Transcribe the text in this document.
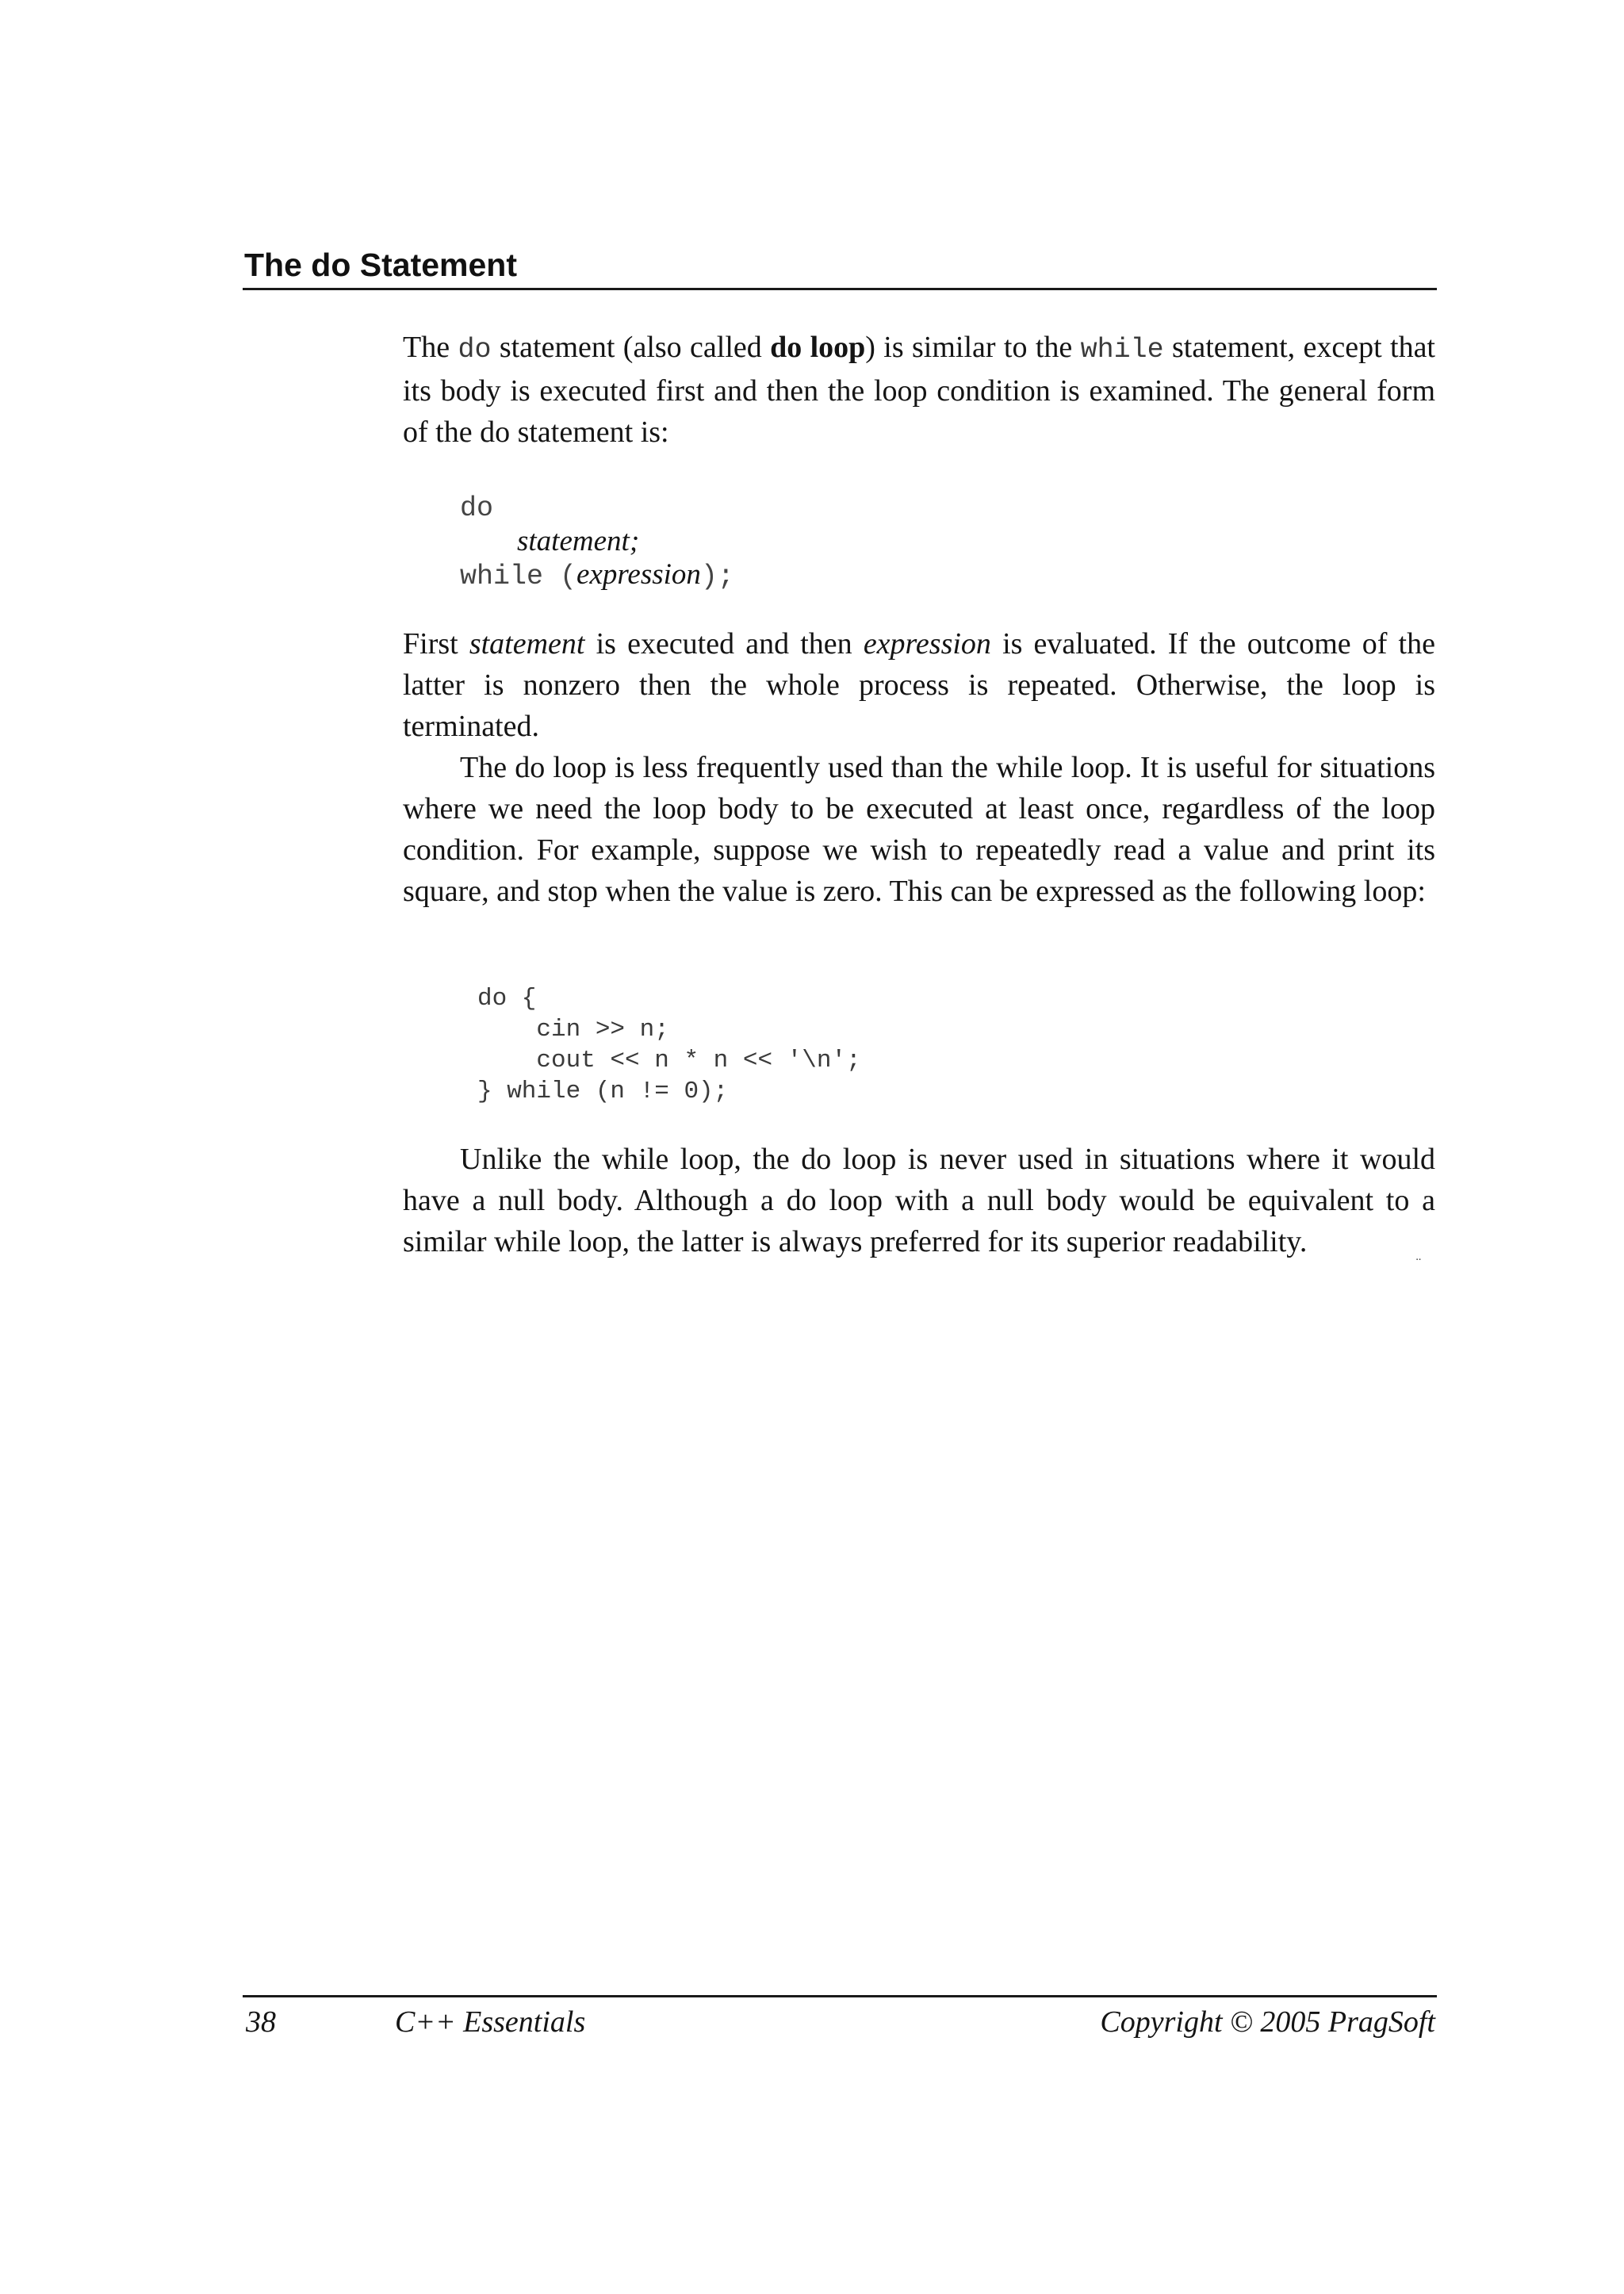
The do Statement

The do statement (also called do loop) is similar to the while statement, except that its body is executed first and then the loop condition is examined. The general form of the do statement is:

do
statement;
while (expression);

First statement is executed and then expression is evaluated. If the outcome of the latter is nonzero then the whole process is repeated. Otherwise, the loop is terminated.

The do loop is less frequently used than the while loop. It is useful for situations where we need the loop body to be executed at least once, regardless of the loop condition. For example, suppose we wish to repeatedly read a value and print its square, and stop when the value is zero. This can be expressed as the following loop:

do {
cin >> n;
cout << n * n << '\n';
} while (n != 0);

Unlike the while loop, the do loop is never used in situations where it would have a null body. Although a do loop with a null body would be equivalent to a similar while loop, the latter is always preferred for its superior readability.

¨
38	C++ Essentials	Copyright © 2005 PragSoft
